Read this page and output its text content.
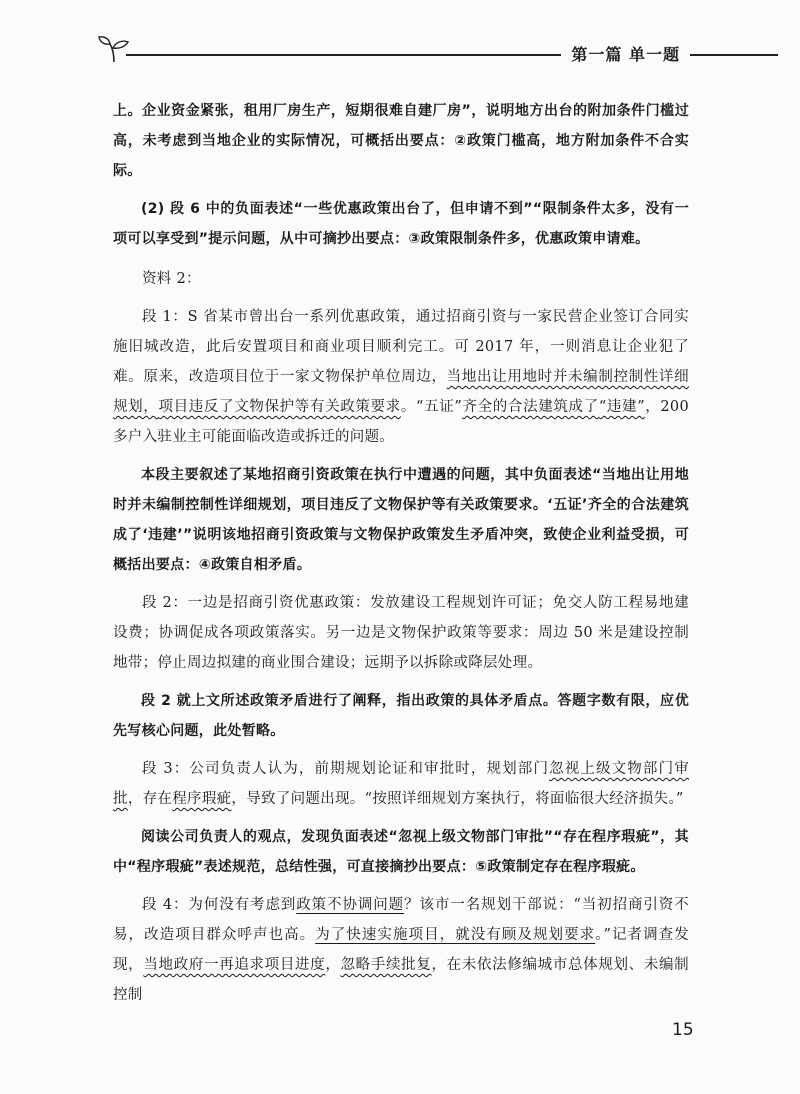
第一篇 单一题

上。企业资金紧张，租用厂房生产，短期很难自建厂房”，说明地方出台的附加条件门槛过高，未考虑到当地企业的实际情况，可概括出要点：②政策门槛高，地方附加条件不合实际。

(2) 段 6 中的负面表述“一些优惠政策出台了，但申请不到”“限制条件太多，没有一项可以享受到”提示问题，从中可摘抄出要点：③政策限制条件多，优惠政策申请难。

资料 2：

段 1：S 省某市曾出台一系列优惠政策，通过招商引资与一家民营企业签订合同实施旧城改造，此后安置项目和商业项目顺利完工。可 2017 年，一则消息让企业犯了难。原来，改造项目位于一家文物保护单位周边，当地出让用地时并未编制控制性详细规划，项目违反了文物保护等有关政策要求。“五证”齐全的合法建筑成了“违建”，200 多户入驻业主可能面临改造或拆迁的问题。

本段主要叙述了某地招商引资政策在执行中遭遇的问题，其中负面表述“当地出让用地时并未编制控制性详细规划，项目违反了文物保护等有关政策要求。‘五证’齐全的合法建筑成了‘违建’”说明该地招商引资政策与文物保护政策发生矛盾冲突，致使企业利益受损，可概括出要点：④政策自相矛盾。

段 2：一边是招商引资优惠政策：发放建设工程规划许可证；免交人防工程易地建设费；协调促成各项政策落实。另一边是文物保护政策等要求：周边 50 米是建设控制地带；停止周边拟建的商业围合建设；远期予以拆除或降层处理。

段 2 就上文所述政策矛盾进行了阐释，指出政策的具体矛盾点。答题字数有限，应优先写核心问题，此处暂略。

段 3：公司负责人认为，前期规划论证和审批时，规划部门忽视上级文物部门审批，存在程序瑕疵，导致了问题出现。“按照详细规划方案执行，将面临很大经济损失。”

阅读公司负责人的观点，发现负面表述“忽视上级文物部门审批”“存在程序瑕疵”，其中“程序瑕疵”表述规范，总结性强，可直接摘抄出要点：⑤政策制定存在程序瑕疵。

段 4：为何没有考虑到政策不协调问题？该市一名规划干部说：“当初招商引资不易，改造项目群众呼声也高。为了快速实施项目，就没有顾及规划要求。”记者调查发现，当地政府一再追求项目进度，忽略手续批复，在未依法修编城市总体规划、未编制控制

15
